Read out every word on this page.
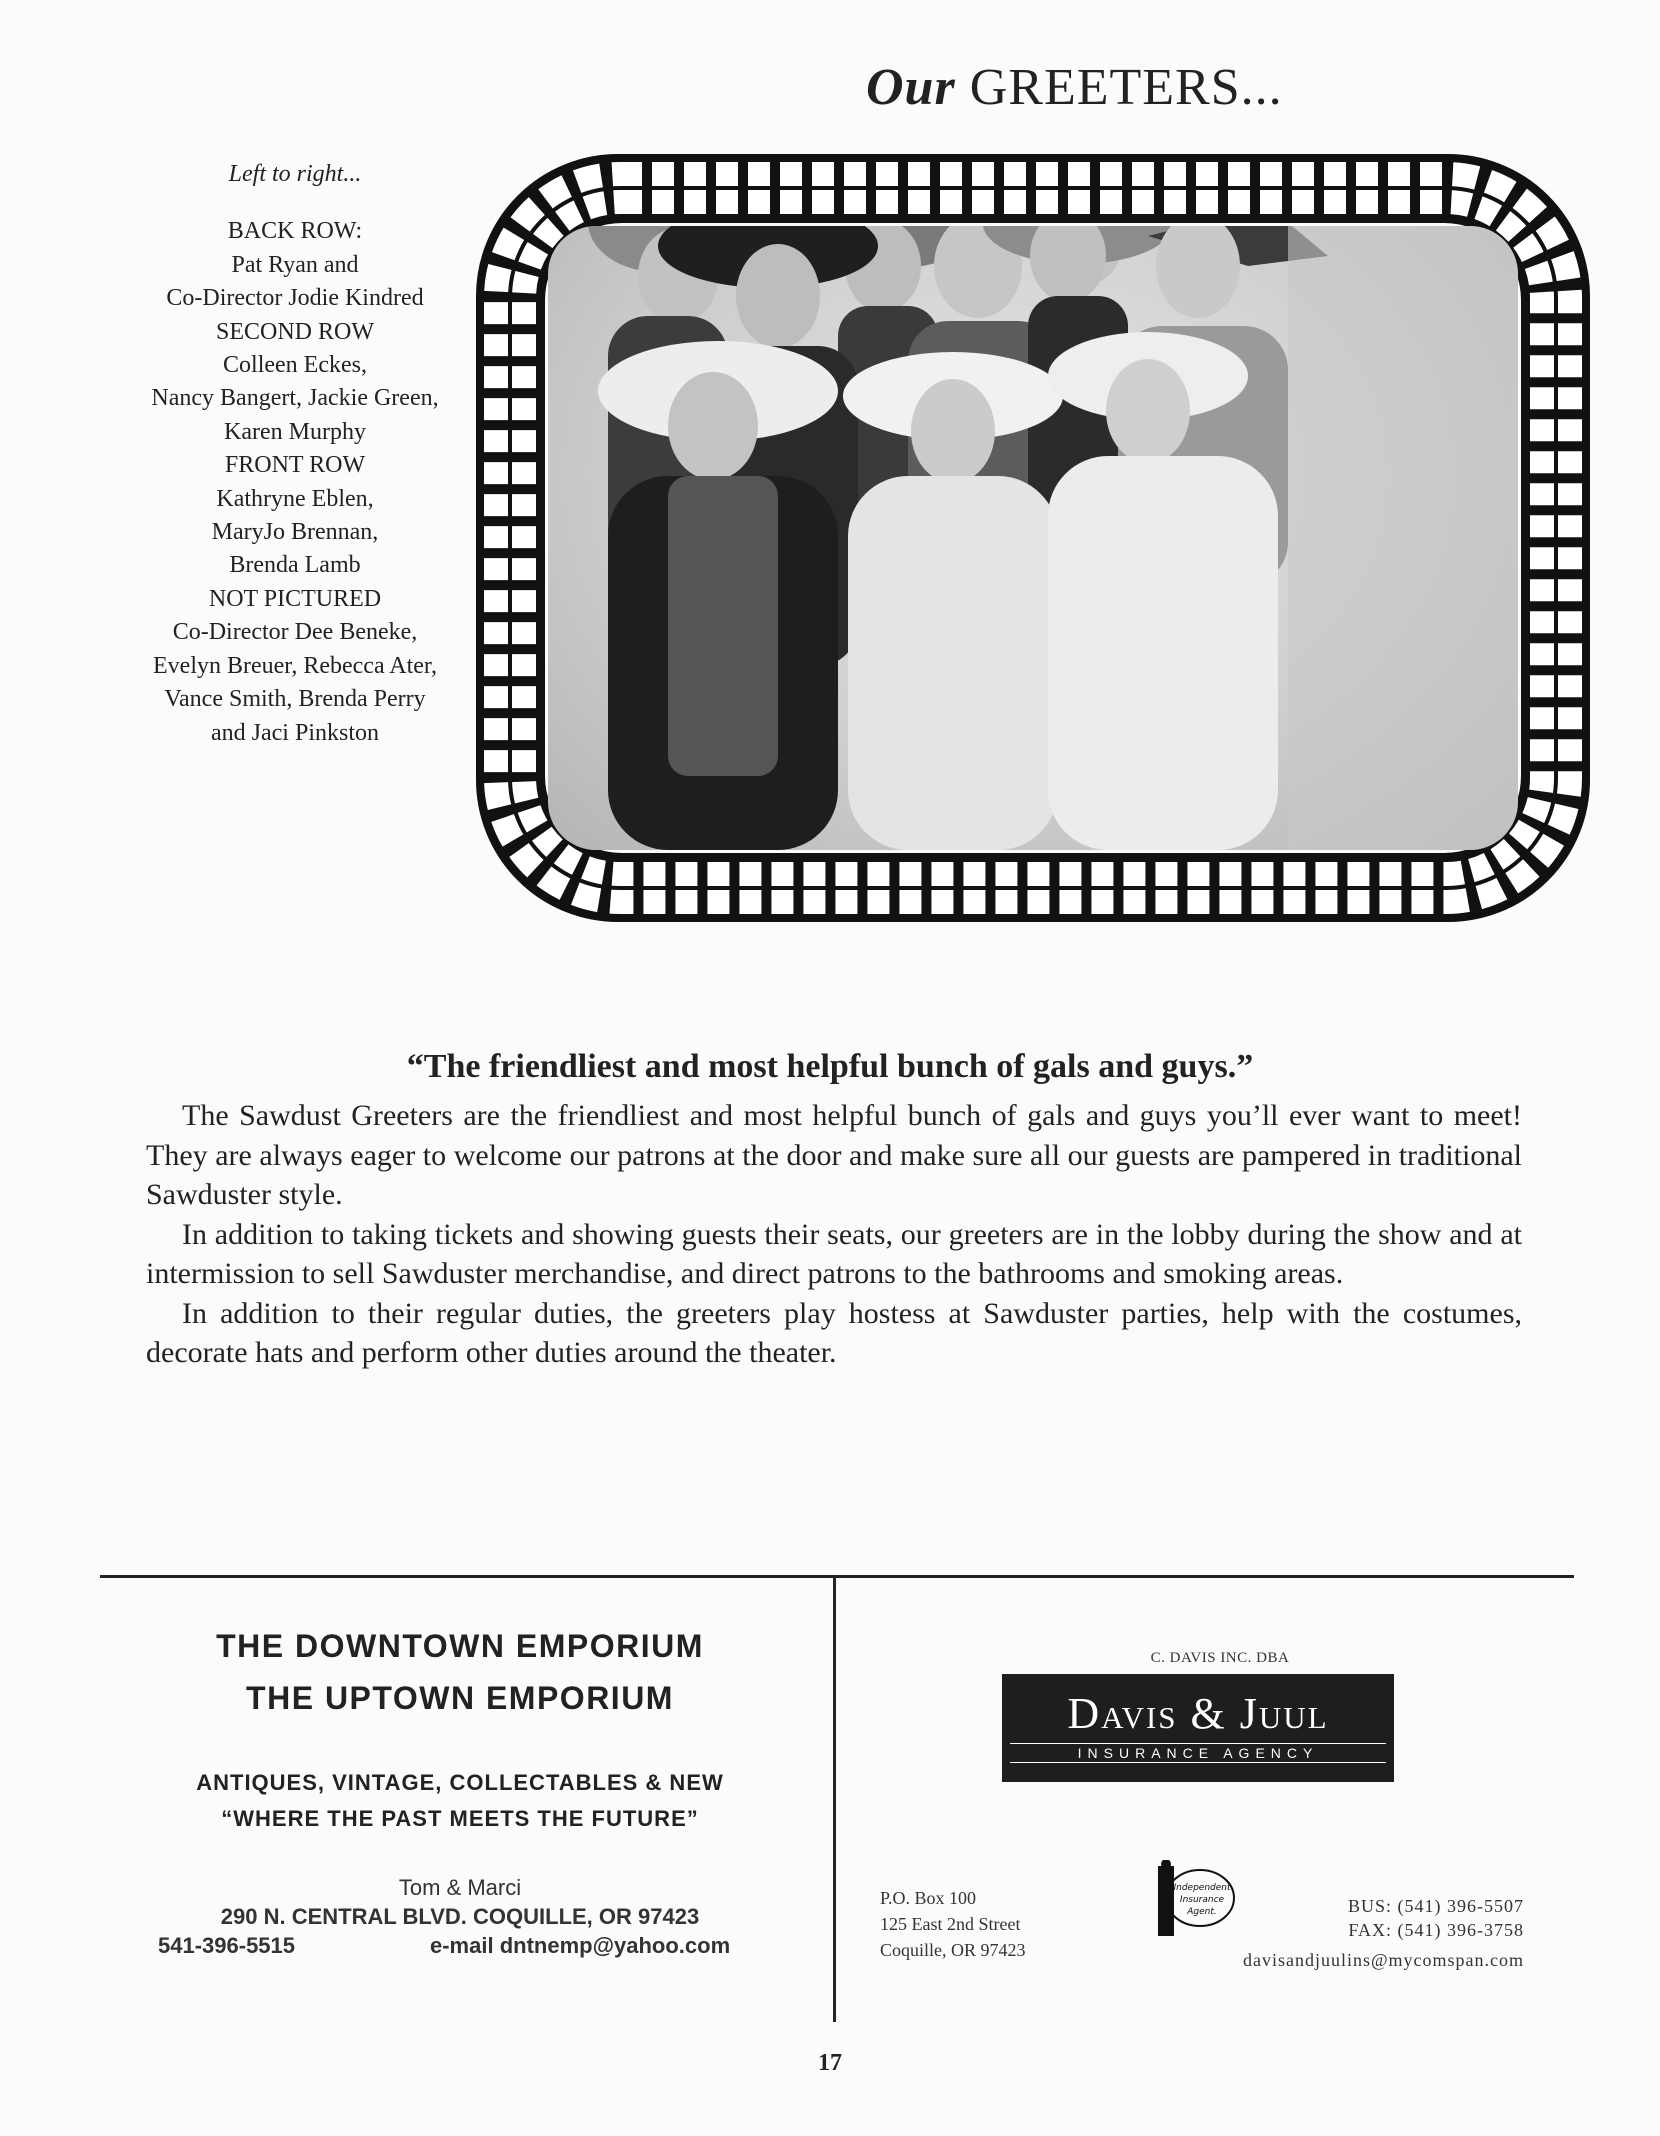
Our GREETERS...
Left to right...
BACK ROW:
Pat Ryan and
Co-Director Jodie Kindred
SECOND ROW
Colleen Eckes,
Nancy Bangert, Jackie Green,
Karen Murphy
FRONT ROW
Kathryne Eblen,
MaryJo Brennan,
Brenda Lamb
NOT PICTURED
Co-Director Dee Beneke,
Evelyn Breuer, Rebecca Ater,
Vance Smith, Brenda Perry
and Jaci Pinkston
“The friendliest and most helpful bunch of gals and guys.”

The Sawdust Greeters are the friendliest and most helpful bunch of gals and guys you’ll ever want to meet! They are always eager to welcome our patrons at the door and make sure all our guests are pampered in traditional Sawduster style.

In addition to taking tickets and showing guests their seats, our greeters are in the lobby during the show and at intermission to sell Sawduster merchandise, and direct patrons to the bathrooms and smoking areas.

In addition to their regular duties, the greeters play hostess at Sawduster parties, help with the costumes, decorate hats and perform other duties around the theater.

THE DOWNTOWN EMPORIUM
THE UPTOWN EMPORIUM
ANTIQUES, VINTAGE, COLLECTABLES & NEW
“WHERE THE PAST MEETS THE FUTURE”
Tom & Marci
290 N. CENTRAL BLVD. COQUILLE, OR 97423
541-396-5515	e-mail dntnemp@yahoo.com
C. DAVIS INC. DBA
Davis & Juul
INSURANCE AGENCY
P.O. Box 100
125 East 2nd Street
Coquille, OR 97423
Independent
Insurance
Agent.	BUS: (541) 396-5507
FAX: (541) 396-3758
davisandjuulins@mycomspan.com
17
